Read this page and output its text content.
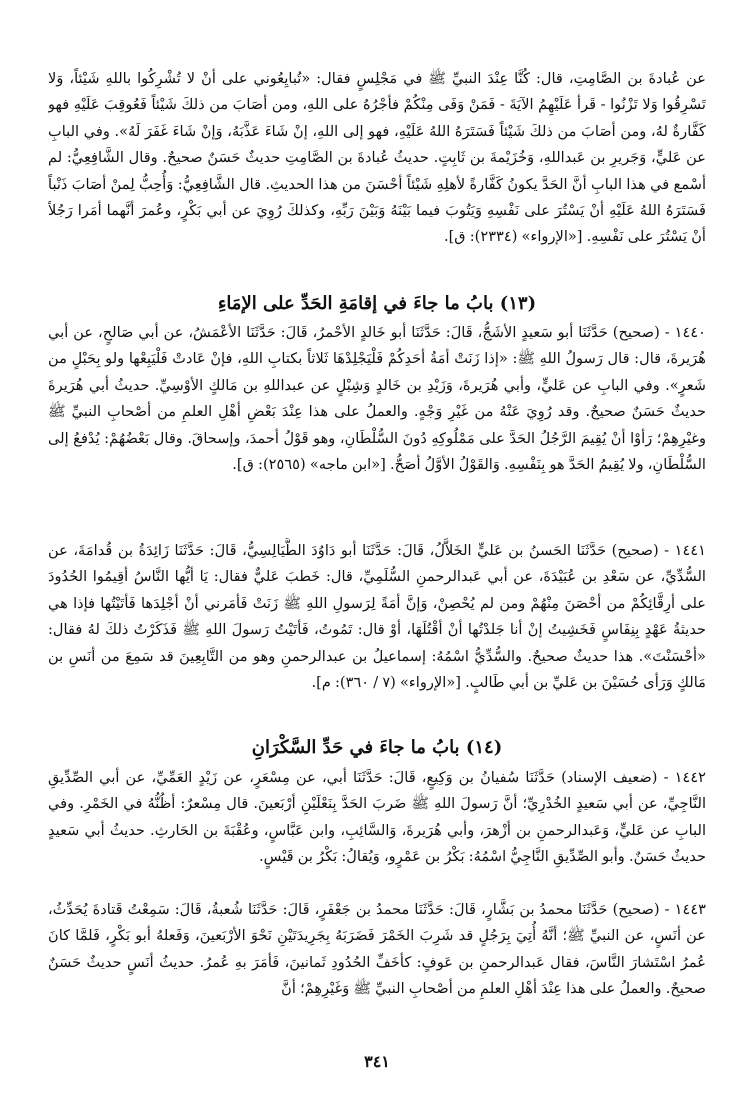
عن عُبادةَ بن الصَّامِتِ، قال: كُنَّا عِنْدَ النبيِّ ﷺ في مَجْلِسٍ فقال: «تُبايِعُوني على أنْ لا تُشْرِكُوا باللهِ شَيْئاً، وَلا تَسْرِقُوا وَلا تَزْنُوا - قَرأ عَلَيْهِمُ الآيَةَ - فَمَنْ وَفَى مِنْكُمْ فأجْرُهُ على اللهِ، ومن أصَابَ من ذلكَ شَيْئاً فَعُوقِبَ عَلَيْهِ فهو كَفَّارةٌ لهُ، ومن أصَابَ من ذلكَ شَيْئاً فَسَتَرَهُ اللهُ عَلَيْهِ، فهو إلى اللهِ، إنْ شَاءَ عَذَّبَهُ، وَإنْ شَاءَ غَفَرَ لَهُ». وفي البابِ عن عَليٍّ، وَجَريرِ بن عَبداللهِ، وَخُزَيْمةَ بن ثَابِتٍ. حديثُ عُبادةَ بن الصَّامِتِ حديثٌ حَسَنٌ صحيحٌ. وقال الشَّافِعِيُّ: لم أسْمع في هذا البابِ أنَّ الحَدَّ يكونُ كَفَّارةً لأهلِهِ شَيْئاً أحْسَنَ من هذا الحديثِ. قال الشَّافِعِيُّ: وَأُحِبُّ لِمنْ أصَابَ ذَنْباً فَسَتَرَهُ اللهُ عَلَيْهِ أنْ يَسْتُرَ على نَفْسِهِ وَيَتُوبَ فيما بَيْنَهُ وَبَيْنَ رَبِّهِ، وكذلكَ رُوِيَ عن أبي بَكْرٍ، وعُمرَ أنَّهما أمَرا رَجُلاً أنْ يَسْتُرَ على نَفْسِهِ. [«الإرواء» (٢٣٣٤): ق].
(١٣) بابُ ما جاءَ في إقامَةِ الحَدِّ على الإمَاءِ
١٤٤٠ - (صحيح) حَدَّثَنَا أبو سَعيدٍ الأشَجُّ، قَالَ: حَدَّثَنَا أبو خَالدٍ الأحْمرُ، قَالَ: حَدَّثَنَا الأعْمَشُ، عن أبي صَالحٍ، عن أبي هُرَيرةَ، قال: قال رَسولُ اللهِ ﷺ: «إذا زَنَتْ أمَةُ أحَدِكُمْ فَلْيَجْلِدْهَا ثَلاثاً بكتابِ اللهِ، فإنْ عَادتْ فَلْيَبِعْها ولو بِحَبْلٍ من شَعرٍ». وفي البابِ عن عَليٍّ، وأبي هُرَيرةَ، وَزَيْدِ بن خَالدٍ وَشِبْلٍ عن عبداللهِ بن مَالكٍ الأوْسِيِّ. حديثُ أبي هُرَيرةَ حديثٌ حَسَنٌ صحيحٌ. وقد رُوِيَ عَنْهُ من غَيْرِ وَجْهٍ. والعملُ على هذا عِنْدَ بَعْضِ أهْلِ العلمِ من أصْحابِ النبيِّ ﷺ وغيْرِهِمْ؛ رَأوْا أنْ يُقِيمَ الرَّجُلُ الحَدَّ على مَمْلُوكِهِ دُونَ السُّلْطَانِ، وهو قَوْلُ أحمدَ، وإسحاقَ. وقال بَعْضُهُمْ: يُدْفعُ إلى السُّلْطَانِ، ولا يُقِيمُ الحَدَّ هو بِنَفْسِهِ. وَالقَوْلُ الأوَّلُ أصَحُّ. [«ابن ماجه» (٢٥٦٥): ق].
١٤٤١ - (صحيح) حَدَّثَنَا الحَسنُ بن عَليٍّ الخَلاَّلُ، قَالَ: حَدَّثَنَا أبو دَاوُدَ الطَّيَالِسِيُّ، قَالَ: حَدَّثَنَا زَائِدَةُ بن قُدامَةَ، عن السُّدِّيِّ، عن سَعْدِ بن عُبَيْدَةَ، عن أبي عَبدالرحمنِ السُّلَمِيِّ، قال: خَطبَ عَليٌّ فقال: يَا أيُّها النَّاسُ أقِيمُوا الحُدُودَ على أرِقَّائِكُمْ من أحْصَنَ مِنْهُمْ ومن لم يُحْصِنْ، وَإنَّ أمَةً لِرَسولِ اللهِ ﷺ زَنَتْ فَأمَرني أنْ أجْلِدَها فَأتَيْتُها فإذا هي حديثةُ عَهْدٍ بِنِفَاسٍ فَخَشِيتُ إنْ أنا جَلدْتُها أنْ أقْتُلَهَا، أوْ قال: تَمُوتُ، فَأتَيْتُ رَسولَ اللهِ ﷺ فَذَكَرْتُ ذلكَ لهُ فقال: «أحْسَنْتَ». هذا حديثٌ صحيحٌ. والسُّدِّيُّ اسْمُهُ: إسماعيلُ بن عبدالرحمنِ وهو من التَّابِعِينَ قد سَمِعَ من أنَسِ بن مَالكٍ وَرَأى حُسَيْنَ بن عَليِّ بن أبي طَالبٍ. [«الإرواء» (٧ / ٣٦٠): م].
(١٤) بابُ ما جاءَ في حَدِّ السَّكْرَانِ
١٤٤٢ - (ضعيف الإسناد) حَدَّثَنَا سُفيانُ بن وَكِيعٍ، قَالَ: حَدَّثَنَا أبي، عن مِسْعَرٍ، عن زَيْدٍ العَمِّيِّ، عن أبي الصِّدِّيقِ النَّاجِيِّ، عن أبي سَعيدٍ الخُدْرِيِّ؛ أنَّ رَسولَ اللهِ ﷺ ضَربَ الحَدَّ بِنَعْلَيْنِ أرْبَعينَ. قال مِسْعرٌ: أظُنُّهُ في الخَمْرِ. وفي البابِ عن عَليٍّ، وَعَبدالرحمنِ بن أزْهرَ، وأبي هُرَيرةَ، وَالسَّائِبِ، وابن عَبَّاسٍ، وعُقْبَةَ بن الحَارثِ. حديثُ أبي سَعيدٍ حديثٌ حَسَنٌ. وأبو الصِّدِّيقِ النَّاجِيُّ اسْمُهُ: بَكْرُ بن عَمْرٍو، وَيُقالُ: بَكْرُ بن قَيْسٍ.
١٤٤٣ - (صحيح) حَدَّثَنَا محمدُ بن بَشَّارٍ، قَالَ: حَدَّثَنَا محمدُ بن جَعْفَرٍ، قَالَ: حَدَّثَنَا شُعبةُ، قَالَ: سَمِعْتُ قَتادةَ يُحَدِّثُ، عن أنَسٍ، عن النبيِّ ﷺ؛ أنَّهُ أُتِيَ بِرَجُلٍ قد شَرِبَ الخَمْرَ فَضَرَبَهُ بِجَرِيدَتَيْنِ نَحْوَ الأرْبَعينَ، وَفَعلهُ أبو بَكْرٍ، فَلمَّا كانَ عُمرُ اسْتَشارَ النَّاسَ، فقال عَبدالرحمنِ بن عَوفٍ: كأخَفِّ الحُدُودِ ثَمانينَ، فَأمَرَ بهِ عُمرُ. حديثُ أنَسٍ حديثٌ حَسَنٌ صحيحٌ. والعملُ على هذا عِنْدَ أهْلِ العلمِ من أصْحابِ النبيِّ ﷺ وَغَيْرِهِمْ؛ أنَّ
٣٤١
